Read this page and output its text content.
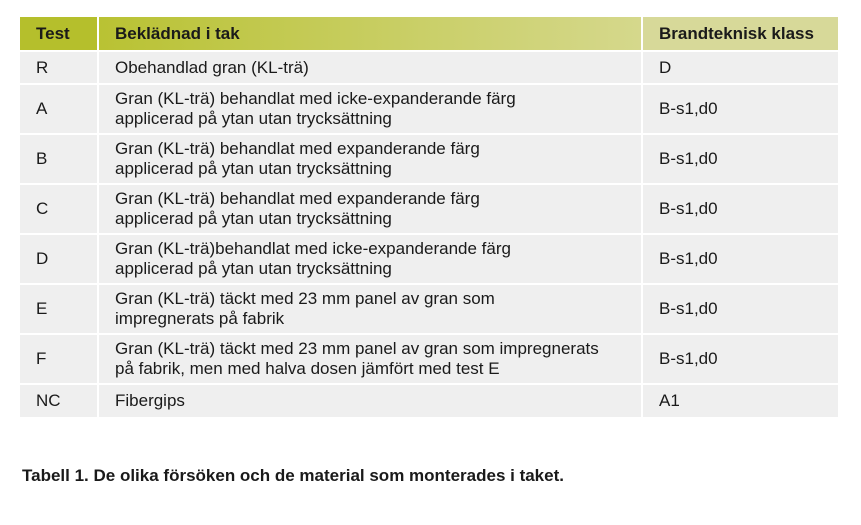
Test	Beklädnad i tak	Brandteknisk klass
R	Obehandlad gran (KL-trä)	D
A	Gran (KL-trä) behandlat med icke-expanderande färg
applicerad på ytan utan trycksättning	B-s1,d0
B	Gran (KL-trä) behandlat med expanderande färg
applicerad på ytan utan trycksättning	B-s1,d0
C	Gran (KL-trä) behandlat med expanderande färg
applicerad på ytan utan trycksättning	B-s1,d0
D	Gran (KL-trä)behandlat med icke-expanderande färg
applicerad på ytan utan trycksättning	B-s1,d0
E	Gran (KL-trä) täckt med 23 mm panel av gran som
impregnerats på fabrik	B-s1,d0
F	Gran (KL-trä) täckt med 23 mm panel av gran som impregnerats
på fabrik, men med halva dosen jämfört med test E	B-s1,d0
NC	Fibergips	A1
Tabell 1. De olika försöken och de material som monterades i taket.
